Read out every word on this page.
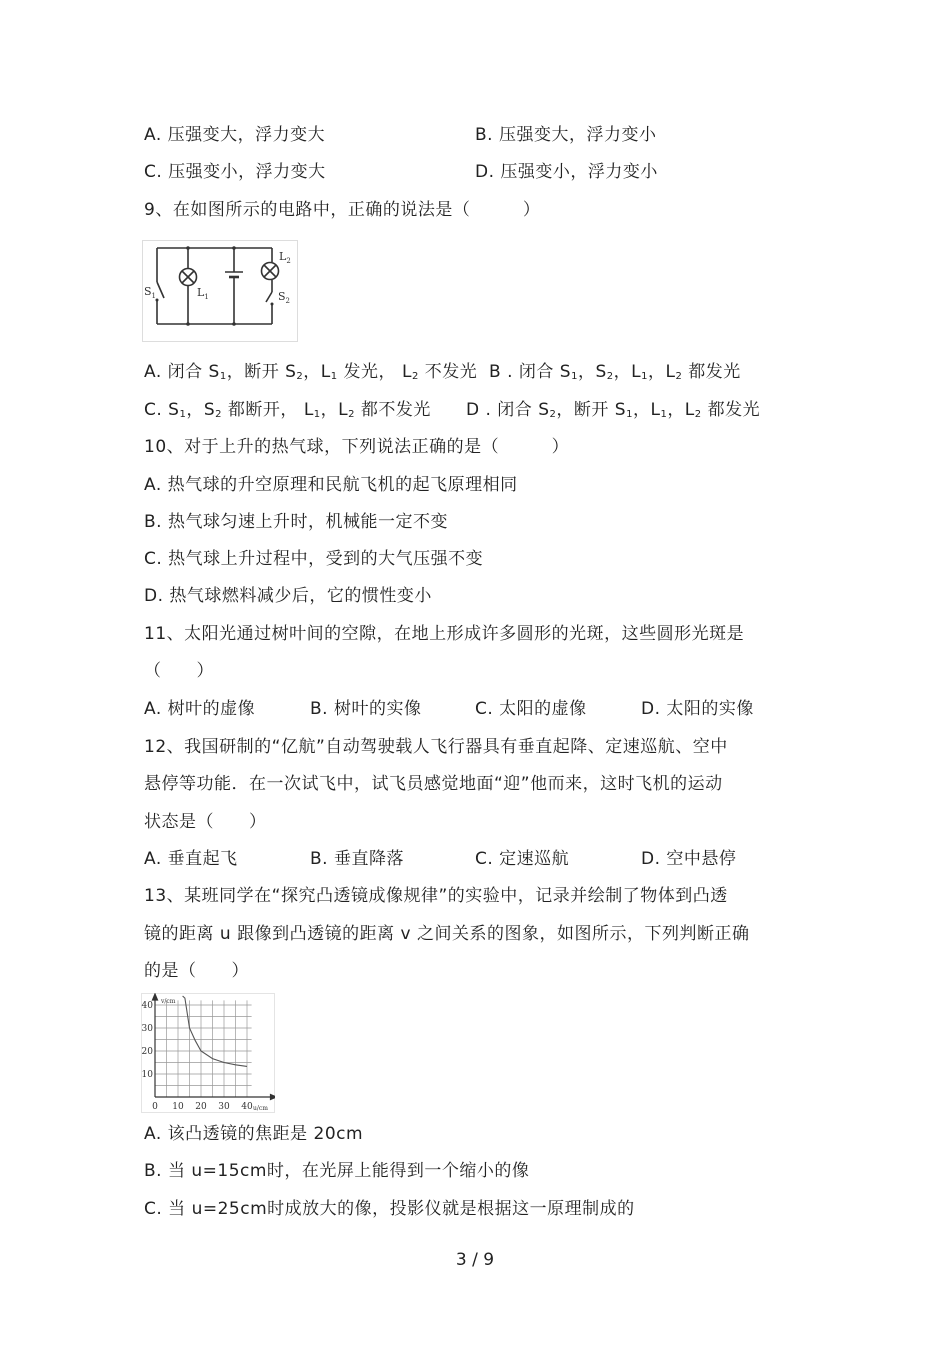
A. 压强变大，浮力变大	B. 压强变大，浮力变小
C. 压强变小，浮力变大	D. 压强变小，浮力变小
9、在如图所示的电路中，正确的说法是（　　　）
$S_1$	$L_1$
$L_2$
$S_2$
A. 闭合 $S_1$，断开 $S_2$，$L_1$ 发光， $L_2$ 不发光 B . 闭合 $S_1$，$S_2$，$L_1$，$L_2$ 都发光
C. $S_1$，$S_2$ 都断开， $L_1$，$L_2$ 都不发光 D . 闭合 $S_2$，断开 $S_1$，$L_1$，$L_2$ 都发光
10、对于上升的热气球，下列说法正确的是（　　　）
A. 热气球的升空原理和民航飞机的起飞原理相同
B. 热气球匀速上升时，机械能一定不变
C. 热气球上升过程中，受到的大气压强不变
D. 热气球燃料减少后，它的惯性变小
11、太阳光通过树叶间的空隙，在地上形成许多圆形的光斑，这些圆形光斑是
（　　）
A. 树叶的虚像	B. 树叶的实像	C. 太阳的虚像	D. 太阳的实像
12、我国研制的“亿航”自动驾驶载人飞行器具有垂直起降、定速巡航、空中
悬停等功能．在一次试飞中，试飞员感觉地面“迎”他而来，这时飞机的运动
状态是（　　）
A. 垂直起飞	B. 垂直降落	C. 定速巡航	D. 空中悬停
13、某班同学在“探究凸透镜成像规律”的实验中，记录并绘制了物体到凸透
镜的距离 u 跟像到凸透镜的距离 v 之间关系的图象，如图所示，下列判断正确
的是（　　）
0 10 20 30 40
10
20
30
40
u/cm
v/cm
A. 该凸透镜的焦距是 20cm
B. 当 u=15cm时，在光屏上能得到一个缩小的像
C. 当 u=25cm时成放大的像，投影仪就是根据这一原理制成的
3 / 9
